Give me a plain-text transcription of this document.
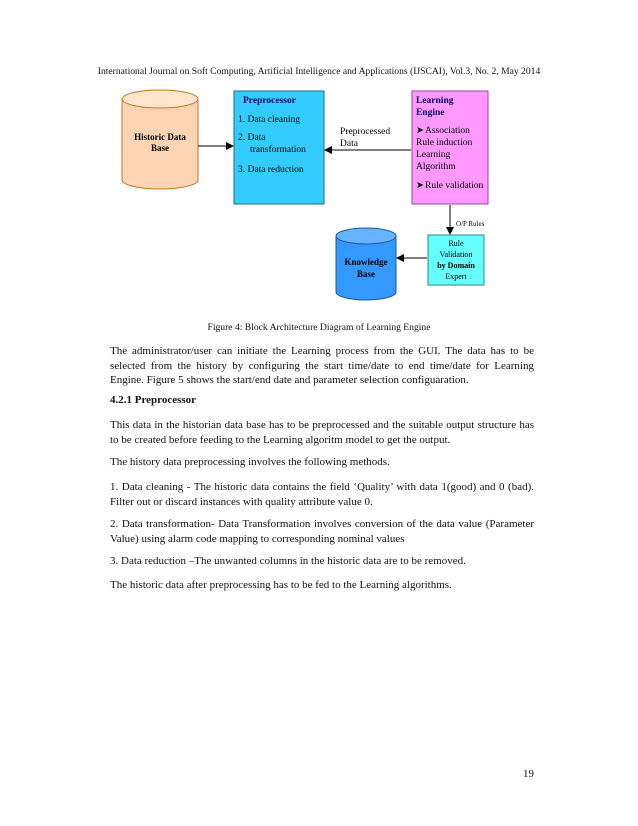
International Journal on Soft Computing, Artificial Intelligence and Applications (IJSCAI), Vol.3, No. 2, May 2014
Historic Data
Base
Preprocessor
1. Data cleaning
2. Data
transformation
3. Data reduction
Learning
Engine
➤ Association
Rule induction
Learning
Algorithm
➤ Rule validation
Preprocessed
Data
O/P Rules
Rule
Validation
by Domain
Expert
Knowledge
Base
Figure 4: Block Architecture Diagram of Learning Engine

The administrator/user can initiate the Learning process from the GUI. The data has to be selected from the history by configuring the start time/date to end time/date for Learning Engine. Figure 5 shows the start/end date and parameter selection configuaration.

4.2.1 Preprocessor

This data in the historian data base has to be preprocessed and the suitable output structure has to be created before feeding to the Learning algoritm model to get the output.

The history data preprocessing involves the following methods.

1. Data cleaning - The historic data contains the field ‘Quality’ with data 1(good) and 0 (bad). Filter out or discard instances with quality attribute value 0.

2. Data transformation- Data Transformation involves conversion of the data value (Parameter Value) using alarm code mapping to corresponding nominal values

3. Data reduction –The unwanted columns in the historic data are to be removed.

The historic data after preprocessing has to be fed to the Learning algorithms.

19
